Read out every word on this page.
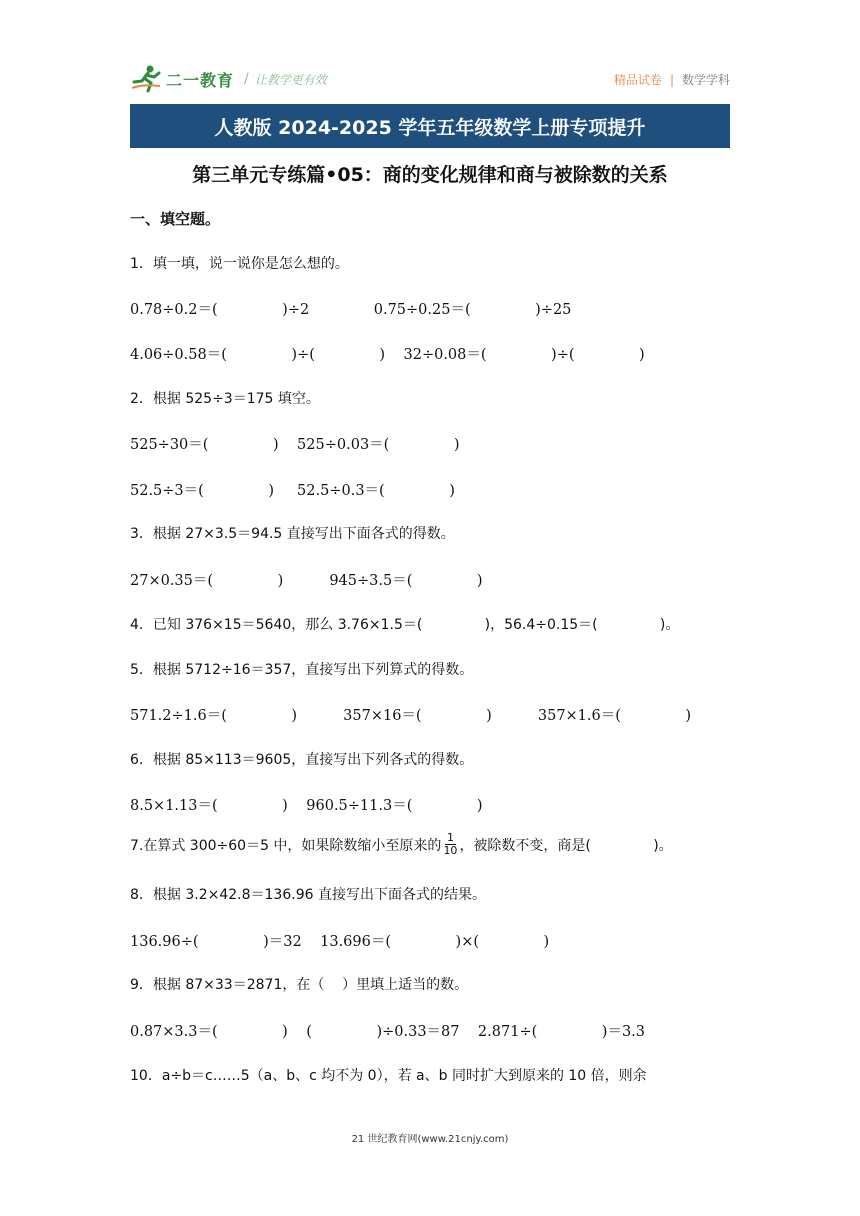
二一教育 / 让教学更有效	精品试卷 | 数学学科
人教版 2024-2025 学年五年级数学上册专项提升
第三单元专练篇•05：商的变化规律和商与被除数的关系
一、填空题。
1．填一填，说一说你是怎么想的。
0.78÷0.2＝(              )÷2              0.75÷0.25＝(              )÷25
4.06÷0.58＝(              )÷(              )    32÷0.08＝(              )÷(              )
2．根据 525÷3＝175 填空。
525÷30＝(              )    525÷0.03＝(              )
52.5÷3＝(              )     52.5÷0.3＝(              )
3．根据 27×3.5＝94.5 直接写出下面各式的得数。
27×0.35＝(              )          945÷3.5＝(              )
4．已知 376×15＝5640，那么 3.76×1.5＝(              )，56.4÷0.15＝(              )。
5．根据 5712÷16＝357，直接写出下列算式的得数。
571.2÷1.6＝(              )          357×16＝(              )          357×1.6＝(              )
6．根据 85×113＝9605，直接写出下列各式的得数。
8.5×1.13＝(              )    960.5÷11.3＝(              )
7.在算式 300÷60＝5 中，如果除数缩小至原来的 $\frac{1}{10}$ ，被除数不变，商是(              )。
8．根据 3.2×42.8＝136.96 直接写出下面各式的结果。
136.96÷(              )＝32    13.696＝(              )×(              )
9．根据 87×33＝2871，在（    ）里填上适当的数。
0.87×3.3＝(              )    (              )÷0.33＝87    2.871÷(              )＝3.3
10．a÷b＝c……5（a、b、c 均不为 0），若 a、b 同时扩大到原来的 10 倍，则余
21 世纪教育网(www.21cnjy.com)
